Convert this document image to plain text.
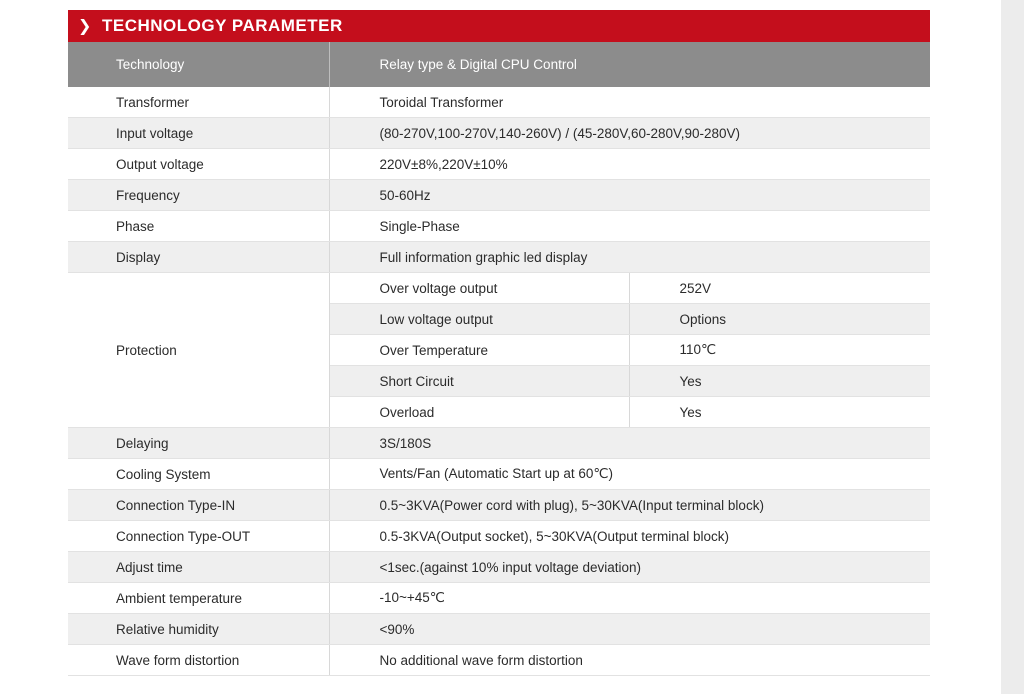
❯ TECHNOLOGY PARAMETER
Technology	Relay type & Digital CPU Control	
Transformer	Toroidal Transformer	
Input voltage	(80-270V,100-270V,140-260V) / (45-280V,60-280V,90-280V)	
Output voltage	220V±8%,220V±10%	
Frequency	50-60Hz	
Phase	Single-Phase	
Display	Full information graphic led display	
Protection	Over voltage output	252V
	Low voltage output	Options
	Over Temperature	110℃
	Short Circuit	Yes
	Overload	Yes
Delaying	3S/180S	
Cooling System	Vents/Fan (Automatic Start up at 60℃)	
Connection Type-IN	0.5~3KVA(Power cord with plug), 5~30KVA(Input terminal block)	
Connection Type-OUT	0.5-3KVA(Output socket), 5~30KVA(Output terminal block)	
Adjust time	<1sec.(against 10% input voltage deviation)	
Ambient temperature	-10~+45℃	
Relative humidity	<90%	
Wave form distortion	No additional wave form distortion	
